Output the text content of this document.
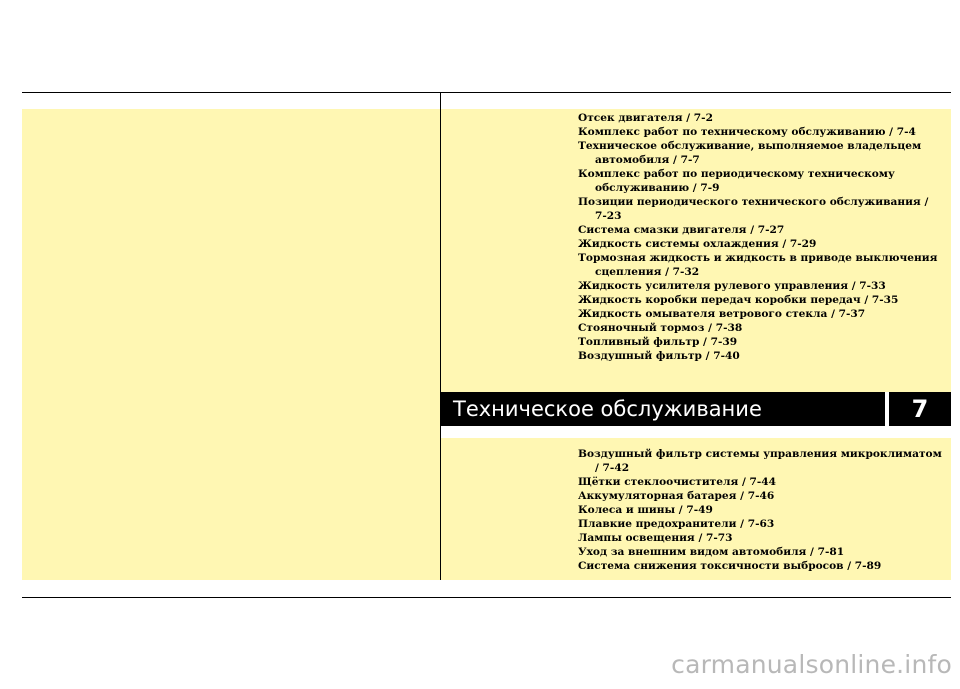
Отсек двигателя / 7-2
Комплекс работ по техническому обслуживанию / 7-4
Техническое обслуживание, выполняемое владельцем автомобиля / 7-7
Комплекс работ по периодическому техническому обслуживанию / 7-9
Позиции периодического технического обслуживания / 7-23
Система смазки двигателя / 7-27
Жидкость системы охлаждения / 7-29
Тормозная жидкость и жидкость в приводе выключения сцепления / 7-32
Жидкость усилителя рулевого управления / 7-33
Жидкость коробки передач коробки передач / 7-35
Жидкость омывателя ветрового стекла / 7-37
Стояночный тормоз / 7-38
Топливный фильтр / 7-39
Воздушный фильтр / 7-40
Техническое обслуживание	7
Воздушный фильтр системы управления микроклиматом / 7-42
Щётки стеклоочистителя / 7-44
Аккумуляторная батарея / 7-46
Колеса и шины / 7-49
Плавкие предохранители / 7-63
Лампы освещения / 7-73
Уход за внешним видом автомобиля / 7-81
Система снижения токсичности выбросов / 7-89
carmanualsonline.info
